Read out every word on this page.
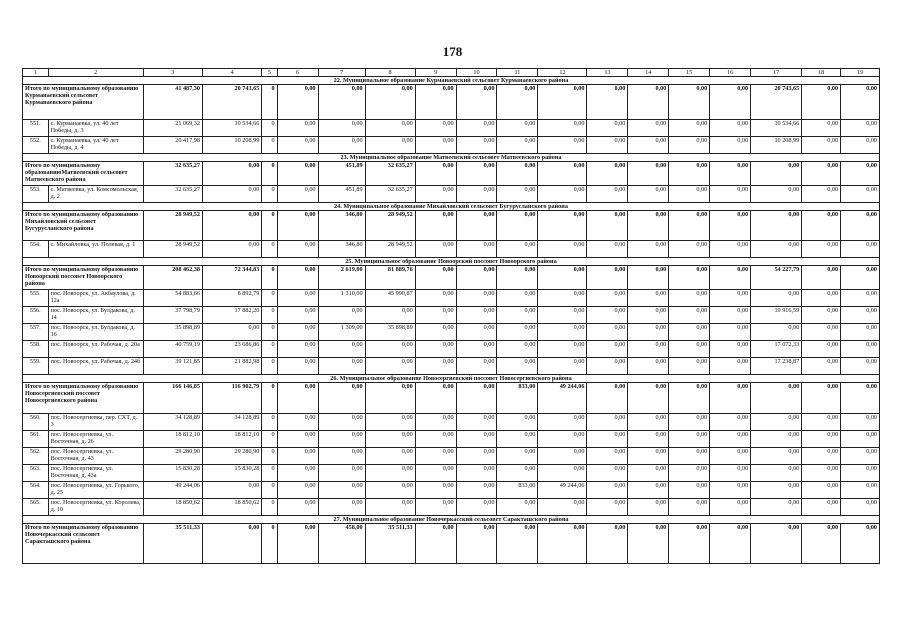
178
1	2	3	4	5	6	7	8	9	10	11	12	13	14	15	16	17	18	19
22. Муниципальное образование Курманаевский сельсовет Курманаевского района																		
Итого по муниципальному образованию Курманаевский сельсовет Курманаевского района		41 487,30	20 743,65	0	0,00	0,00	0,00	0,00	0,00	0,00	0,00	0,00	0,00	0,00	0,00	20 743,65	0,00	0,00
551.	с. Курманаевка, ул. 40 лет Победы, д. 3	21 069,32	10 534,66	0	0,00	0,00	0,00	0,00	0,00	0,00	0,00	0,00	0,00	0,00	0,00	10 534,66	0,00	0,00
552.	с. Курманаевка, ул. 40 лет Победы, д. 4	20 417,98	10 208,99	0	0,00	0,00	0,00	0,00	0,00	0,00	0,00	0,00	0,00	0,00	0,00	10 208,99	0,00	0,00
23. Муниципальное образование Матвеевский сельсовет Матвеевского района																		
Итого по муниципальному образованиюМатвеевский сельсовет Матвеевского района		32 635,27	0,00	0	0,00	451,89	32 635,27	0,00	0,00	0,00	0,00	0,00	0,00	0,00	0,00	0,00	0,00	0,00
553.	с. Матвеевка, ул. Комсомольская, д. 2	32 635,27	0,00	0	0,00	451,89	32 635,27	0,00	0,00	0,00	0,00	0,00	0,00	0,00	0,00	0,00	0,00	0,00
24. Муниципальное образование Михайловский сельсовет Бугурусланского района																		
Итого по муниципальному образованию Михайловский сельсовет Бугурусланского района		28 949,52	0,00	0	0,00	346,80	28 949,52	0,00	0,00	0,00	0,00	0,00	0,00	0,00	0,00	0,00	0,00	0,00
554.	с. Михайловка, ул. Полевая, д. 1	28 949,52	0,00	0	0,00	346,80	28 949,52	0,00	0,00	0,00	0,00	0,00	0,00	0,00	0,00	0,00	0,00	0,00
25. Муниципальное образование Новоорский поссовет Новоорского района																		
Итого по муниципальному образованию Новоорский поссовет Новоорского района		208 462,38	72 344,83	0	0,00	2 619,00	81 889,76	0,00	0,00	0,00	0,00	0,00	0,00	0,00	0,00	54 227,79	0,00	0,00
555.	пос. Новоорск, ул. Акбаулова, д. 12а	54 883,66	8 892,79	0	0,00	1 310,00	45 990,87	0,00	0,00	0,00	0,00	0,00	0,00	0,00	0,00	0,00	0,00	0,00
556.	пос. Новоорск, ул. Булдакова, д. 14	37 798,79	17 882,20	0	0,00	0,00	0,00	0,00	0,00	0,00	0,00	0,00	0,00	0,00	0,00	19 916,59	0,00	0,00
557.	пос. Новоорск, ул. Булдакова, д. 16	35 898,89	0,00	0	0,00	1 309,00	35 898,89	0,00	0,00	0,00	0,00	0,00	0,00	0,00	0,00	0,00	0,00	0,00
558.	пос. Новоорск, ул. Рабочая, д. 20а	40 759,19	23 686,86	0	0,00	0,00	0,00	0,00	0,00	0,00	0,00	0,00	0,00	0,00	0,00	17 072,33	0,00	0,00
559.	пос. Новоорск, ул. Рабочая, д. 24б	39 121,85	21 882,98	0	0,00	0,00	0,00	0,00	0,00	0,00	0,00	0,00	0,00	0,00	0,00	17 238,87	0,00	0,00
26. Муниципальное образование Новосергиевский поссовет Новосергиевского района																		
Итого по муниципальному образованию Новосергиевский поссовет Новосергиевского района		166 146,85	116 902,79	0	0,00	0,00	0,00	0,00	0,00	833,00	49 244,06	0,00	0,00	0,00	0,00	0,00	0,00	0,00
560.	пос. Новосергиевка, пер. СХТ, д. 3	34 128,89	34 128,89	0	0,00	0,00	0,00	0,00	0,00	0,00	0,00	0,00	0,00	0,00	0,00	0,00	0,00	0,00
561.	пос. Новосергиевка, ул. Восточная, д. 26	18 812,10	18 812,10	0	0,00	0,00	0,00	0,00	0,00	0,00	0,00	0,00	0,00	0,00	0,00	0,00	0,00	0,00
562.	пос. Новосергиевка, ул. Восточная, д. 43	29 280,90	29 280,90	0	0,00	0,00	0,00	0,00	0,00	0,00	0,00	0,00	0,00	0,00	0,00	0,00	0,00	0,00
563.	пос. Новосергиевка, ул. Восточная, д. 43а	15 830,28	15 830,28	0	0,00	0,00	0,00	0,00	0,00	0,00	0,00	0,00	0,00	0,00	0,00	0,00	0,00	0,00
564.	пос. Новосергиевка, ул. Горького, д. 25	49 244,06	0,00	0	0,00	0,00	0,00	0,00	0,00	833,00	49 244,06	0,00	0,00	0,00	0,00	0,00	0,00	0,00
565.	пос. Новосергиевка, ул. Королева, д. 10	18 850,62	18 850,62	0	0,00	0,00	0,00	0,00	0,00	0,00	0,00	0,00	0,00	0,00	0,00	0,00	0,00	0,00
27. Муниципальное образование Новочеркасский сельсовет Саракташского района																		
Итого по муниципальному образованию Новочеркасский сельсовет Саракташского района		35 511,33	0,00	0	0,00	458,00	35 511,33	0,00	0,00	0,00	0,00	0,00	0,00	0,00	0,00	0,00	0,00	0,00
